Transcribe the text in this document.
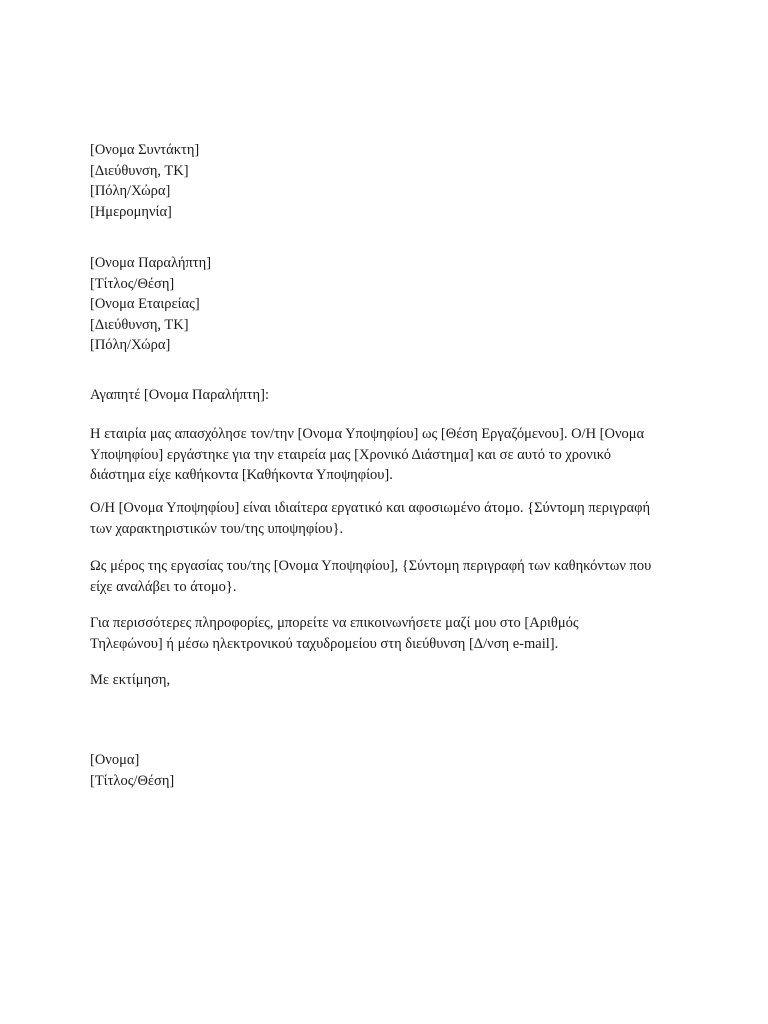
[Ονομα Συντάκτη]
[Διεύθυνση, ΤΚ]
[Πόλη/Χώρα]
[Ημερομηνία]
[Ονομα Παραλήπτη]
[Τίτλος/Θέση]
[Ονομα Εταιρείας]
[Διεύθυνση, ΤΚ]
[Πόλη/Χώρα]
Αγαπητέ [Ονομα Παραλήπτη]:
Η εταιρία μας απασχόλησε τον/την [Ονομα Υποψηφίου] ως [Θέση Εργαζόμενου]. Ο/Η [Ονομα
Υποψηφίου] εργάστηκε για την εταιρεία μας [Χρονικό Διάστημα] και σε αυτό το χρονικό
διάστημα είχε καθήκοντα [Καθήκοντα Υποψηφίου].
Ο/Η [Ονομα Υποψηφίου] είναι ιδιαίτερα εργατικό και αφοσιωμένο άτομο. {Σύντομη περιγραφή
των χαρακτηριστικών του/της υποψηφίου}.
Ως μέρος της εργασίας του/της [Ονομα Υποψηφίου], {Σύντομη περιγραφή των καθηκόντων που
είχε αναλάβει το άτομο}.
Για περισσότερες πληροφορίες, μπορείτε να επικοινωνήσετε μαζί μου στο [Αριθμός
Τηλεφώνου] ή μέσω ηλεκτρονικού ταχυδρομείου στη διεύθυνση [Δ/νση e-mail].
Με εκτίμηση,
[Ονομα]
[Τίτλος/Θέση]
